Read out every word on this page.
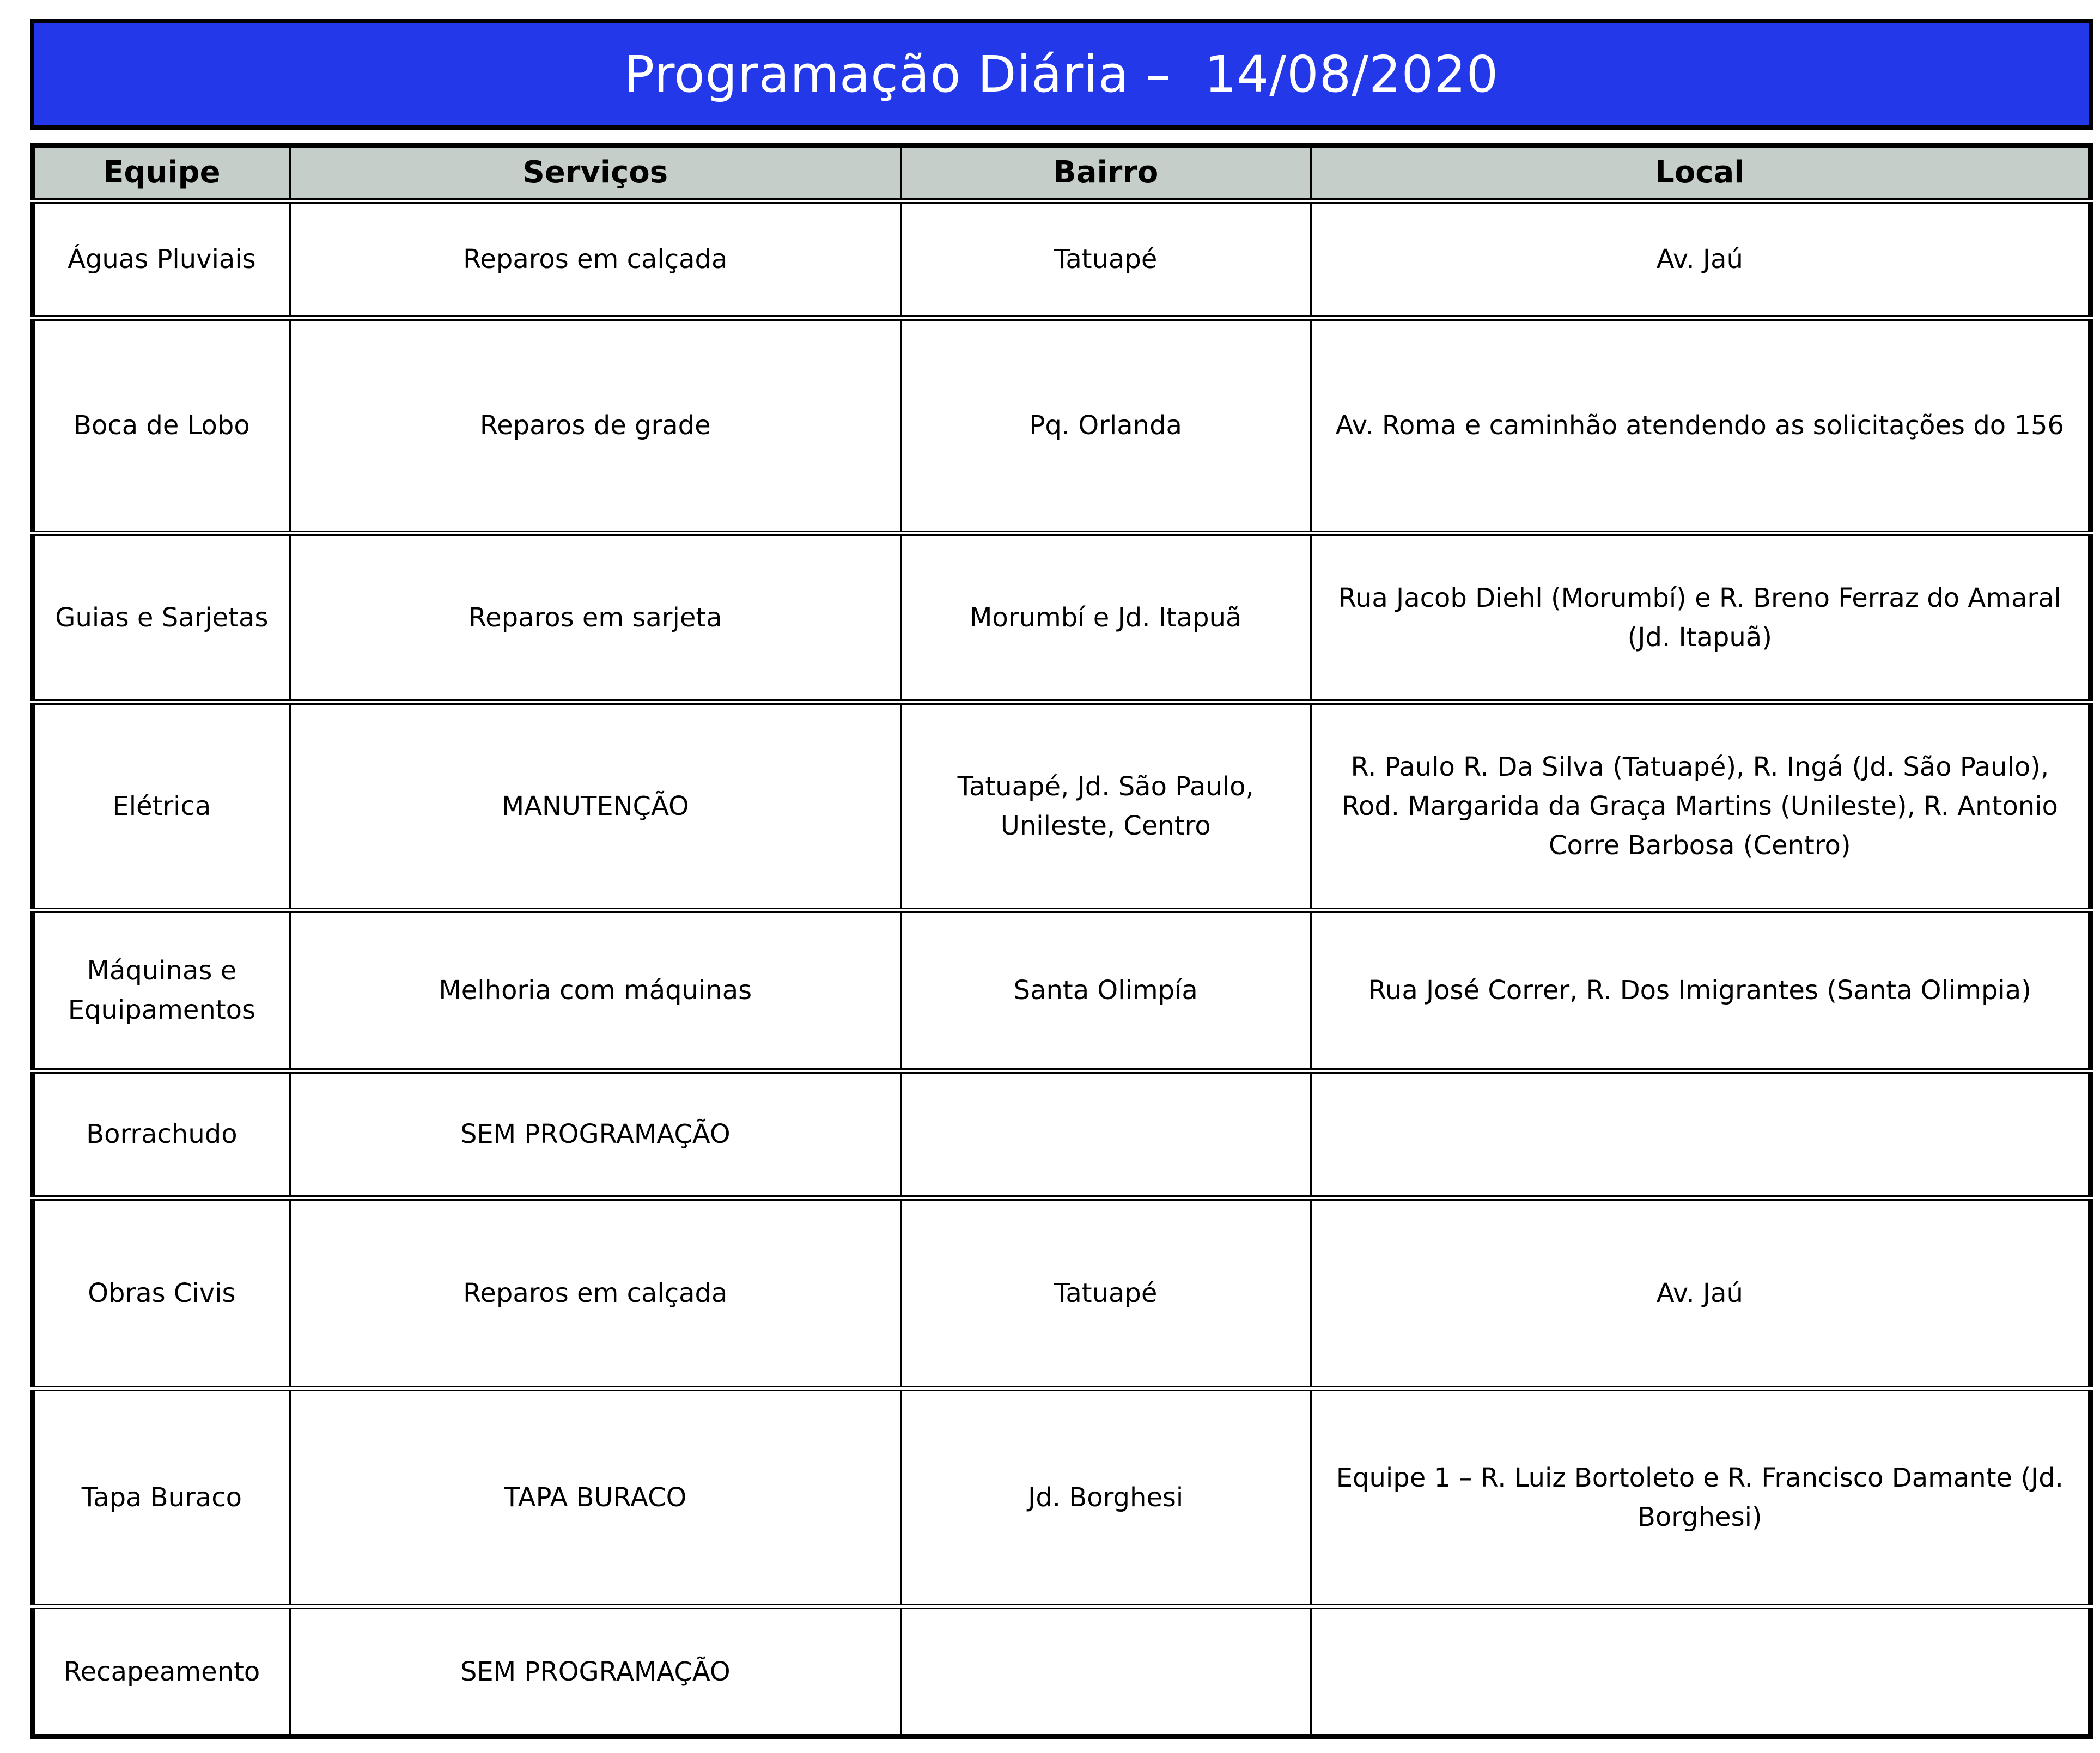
Programação Diária –  14/08/2020
Equipe	Serviços	Bairro	Local
Águas Pluviais	Reparos em calçada	Tatuapé	Av. Jaú
Boca de Lobo	Reparos de grade	Pq. Orlanda	Av. Roma e caminhão atendendo as solicitações do 156
Guias e Sarjetas	Reparos em sarjeta	Morumbí e Jd. Itapuã	Rua Jacob Diehl (Morumbí) e R. Breno Ferraz do Amaral (Jd. Itapuã)
Elétrica	MANUTENÇÃO	Tatuapé, Jd. São Paulo, Unileste, Centro	R. Paulo R. Da Silva (Tatuapé), R. Ingá (Jd. São Paulo), Rod. Margarida da Graça Martins (Unileste), R. Antonio Corre Barbosa (Centro)
Máquinas e Equipamentos	Melhoria com máquinas	Santa Olimpía	Rua José Correr, R. Dos Imigrantes (Santa Olimpia)
Borrachudo	SEM PROGRAMAÇÃO		
Obras Civis	Reparos em calçada	Tatuapé	Av. Jaú
Tapa Buraco	TAPA BURACO	Jd. Borghesi	Equipe 1 – R. Luiz Bortoleto e R. Francisco Damante (Jd. Borghesi)
Recapeamento	SEM PROGRAMAÇÃO		
